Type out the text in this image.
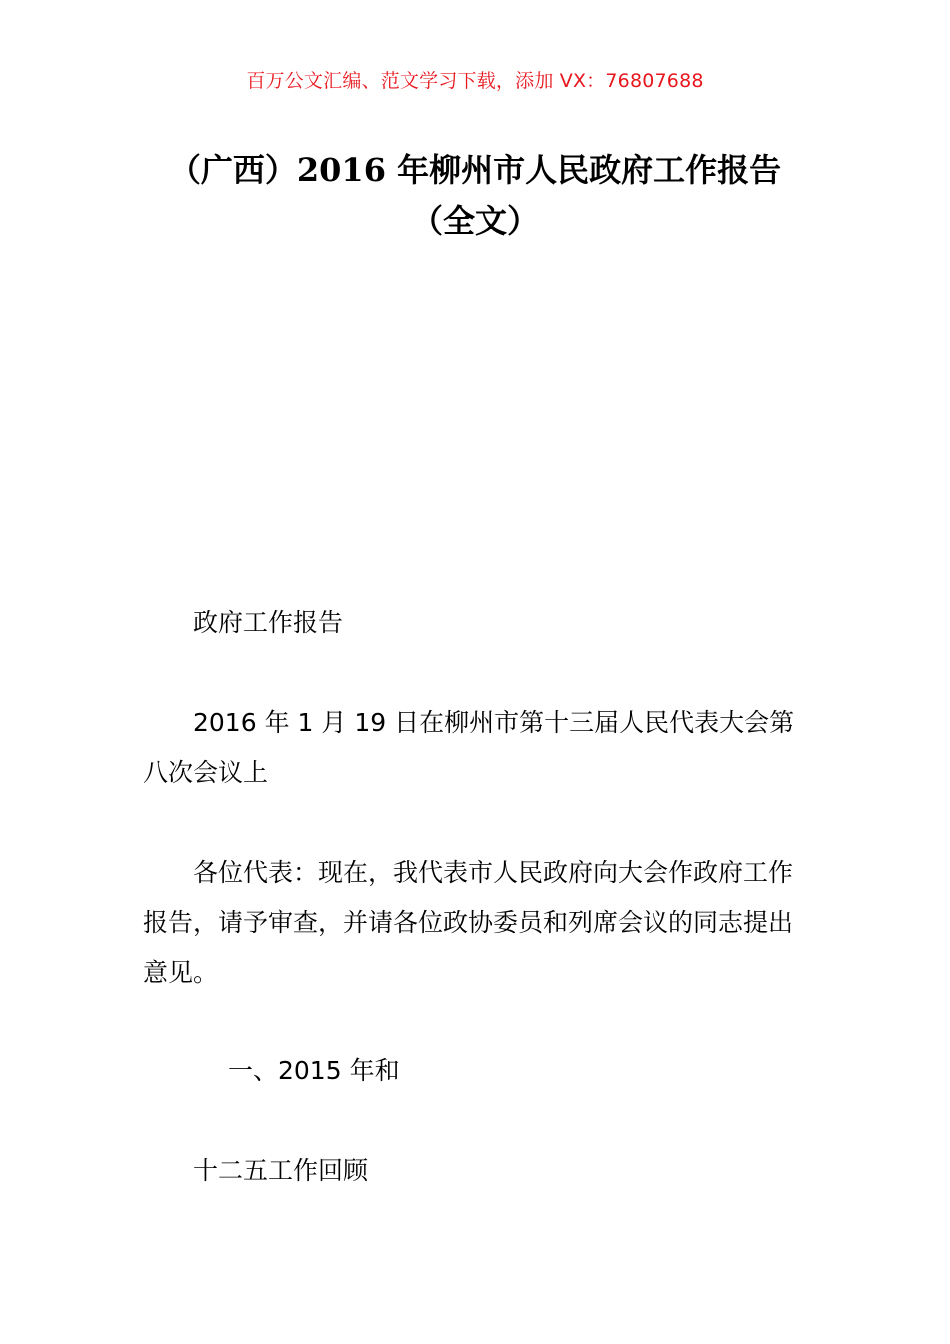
百万公文汇编、范文学习下载，添加 VX：76807688
（广西）2016 年柳州市人民政府工作报告
（全文）
政府工作报告
2016 年 1 月 19 日在柳州市第十三届人民代表大会第八次会议上
各位代表：现在，我代表市人民政府向大会作政府工作报告，请予审查，并请各位政协委员和列席会议的同志提出意见。
一、2015 年和
十二五工作回顾
